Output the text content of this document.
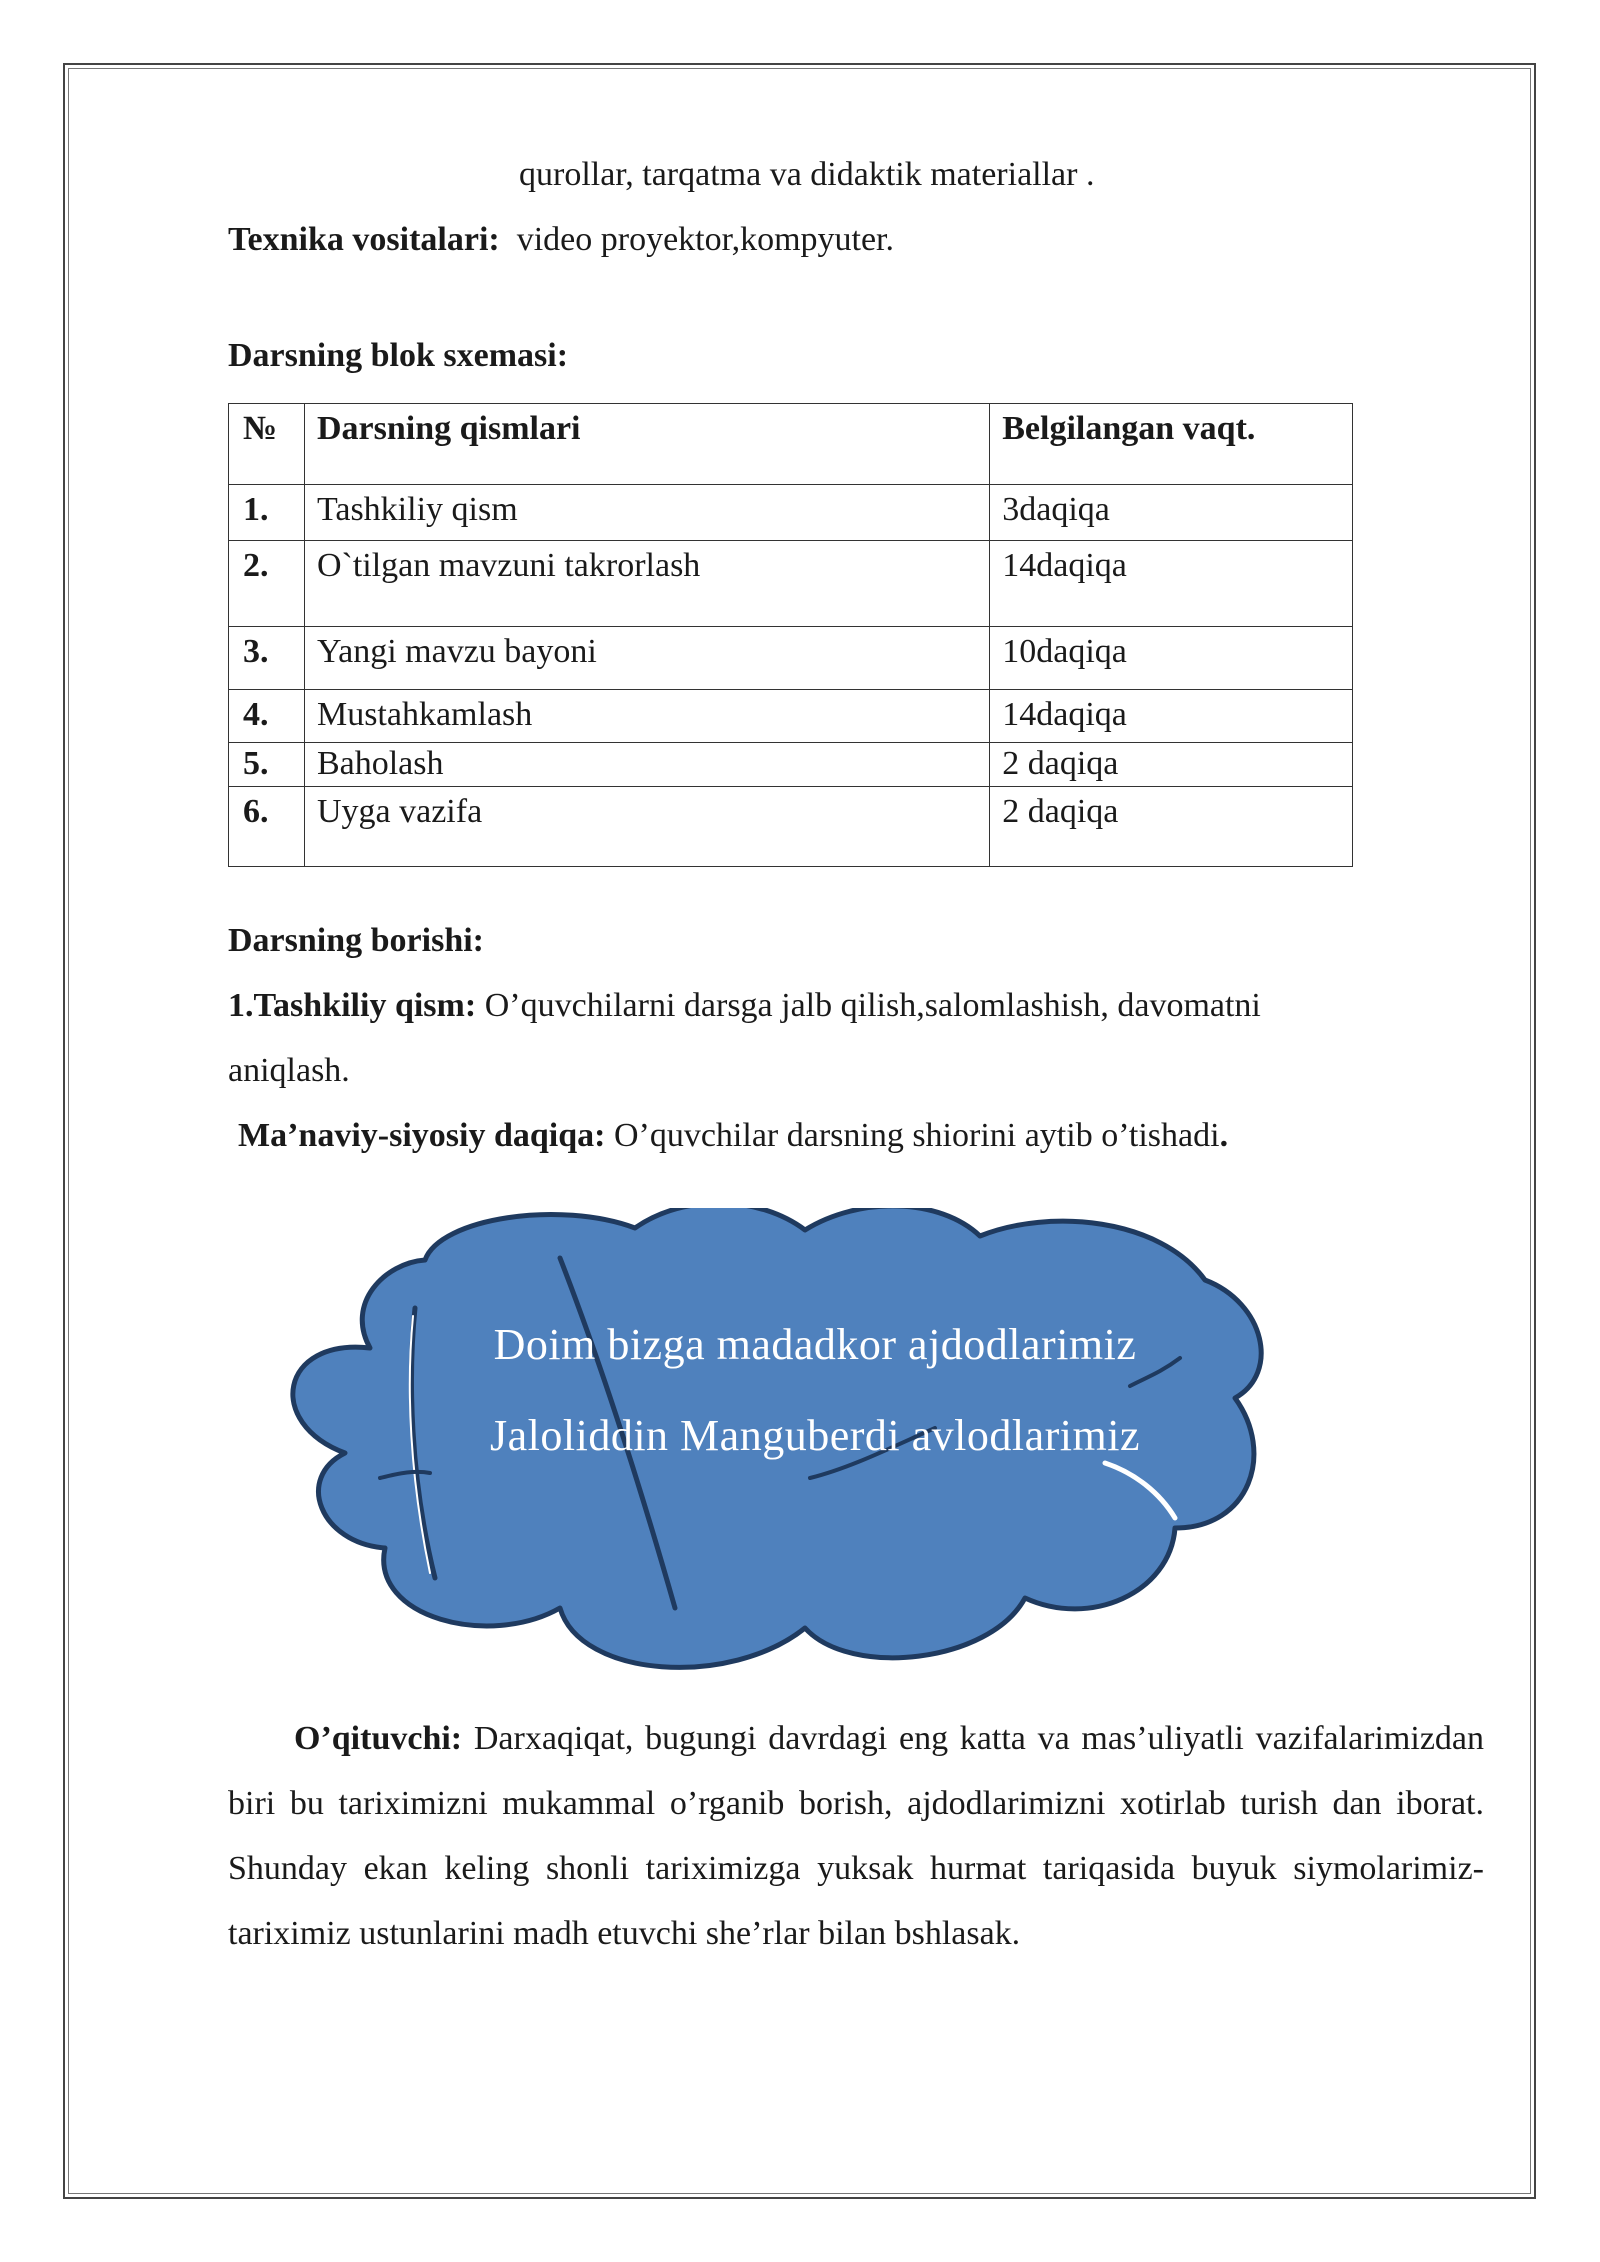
qurollar, tarqatma va didaktik materiallar .
Texnika vositalari:  video proyektor,kompyuter.
Darsning blok sxemasi:
№	Darsning qismlari	Belgilangan vaqt.
1.	Tashkiliy qism	3daqiqa
2.	O`tilgan mavzuni takrorlash	14daqiqa
3.	Yangi mavzu bayoni	10daqiqa
4.	Mustahkamlash	14daqiqa
5.	Baholash	2 daqiqa
6.	Uyga vazifa	2 daqiqa
Darsning borishi:
1.Tashkiliy qism: O’quvchilarni darsga jalb qilish,salomlashish, davomatni
aniqlash.
Ma’naviy-siyosiy daqiqa: O’quvchilar darsning shiorini aytib o’tishadi.
Doim bizga madadkor ajdodlarimiz
Jaloliddin Manguberdi avlodlarimiz
O’qituvchi: Darxaqiqat, bugungi davrdagi eng katta va mas’uliyatli vazifalarimizdan biri bu tariximizni mukammal o’rganib borish, ajdodlarimizni xotirlab turish dan iborat. Shunday ekan keling shonli tariximizga yuksak hurmat tariqasida buyuk siymolarimiz-tariximiz ustunlarini madh etuvchi she’rlar bilan bshlasak.
